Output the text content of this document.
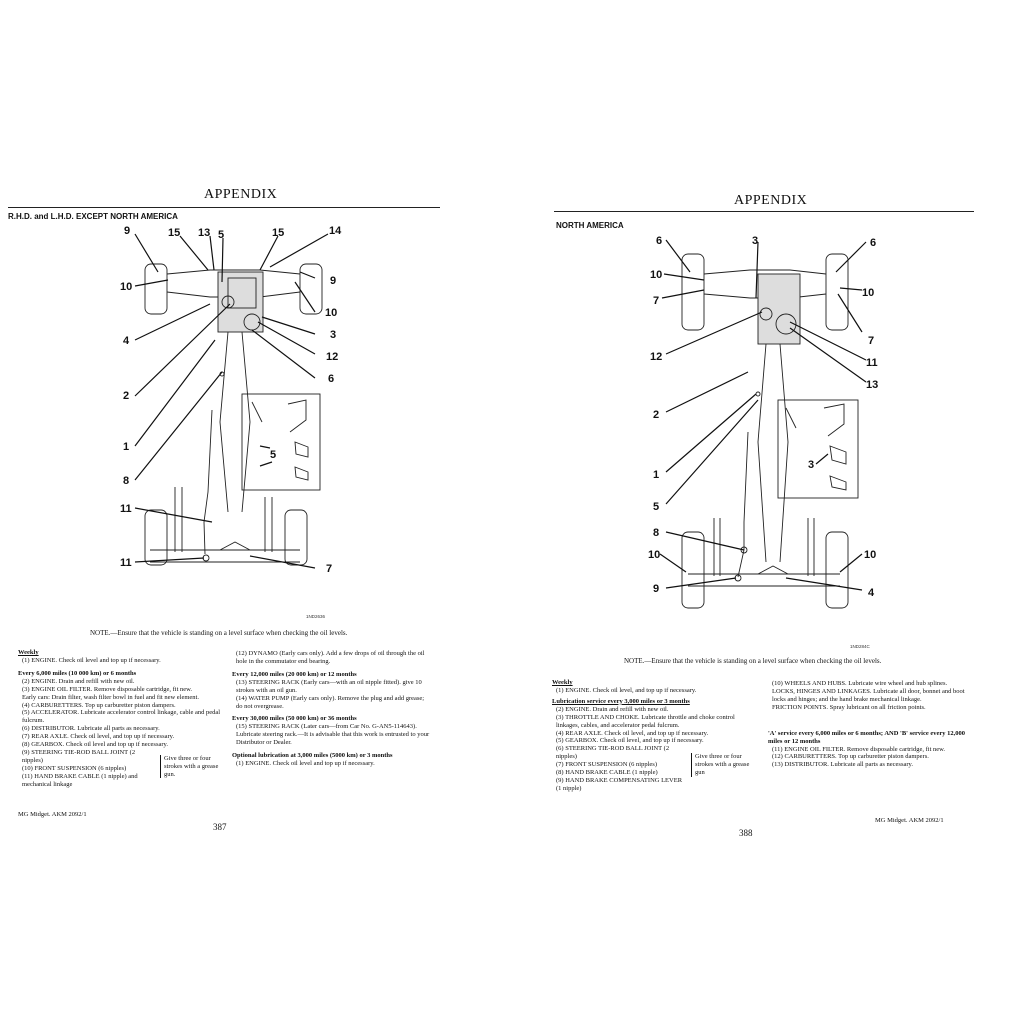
APPENDIX
R.H.D. and L.H.D. EXCEPT NORTH AMERICA
9	15 13 5	15	14
10	9
10
4	3
12
6
2
1
8
11
11	7
5
1ND2636
NOTE.—Ensure that the vehicle is standing on a level surface when checking the oil levels.

Weekly

(1) ENGINE. Check oil level and top up if necessary.

Every 6,000 miles (10 000 km) or 6 months

(2) ENGINE. Drain and refill with new oil.

(3) ENGINE OIL FILTER. Remove disposable cartridge, fit new.

Early cars: Drain filter, wash filter bowl in fuel and fit new element.

(4) CARBURETTERS. Top up carburetter piston dampers.

(5) ACCELERATOR. Lubricate accelerator control linkage, cable and pedal fulcrum.

(6) DISTRIBUTOR. Lubricate all parts as necessary.

(7) REAR AXLE. Check oil level, and top up if necessary.

(8) GEARBOX. Check oil level and top up if necessary.

(9) STEERING TIE-ROD BALL JOINT (2 nipples)

(10) FRONT SUSPENSION (6 nipples)

(11) HAND BRAKE CABLE (1 nipple) and mechanical linkage

Give three or four strokes with a grease gun.

(12) DYNAMO (Early cars only). Add a few drops of oil through the oil hole in the commutator end bearing.

Every 12,000 miles (20 000 km) or 12 months

(13) STEERING RACK (Early cars—with an oil nipple fitted). give 10 strokes with an oil gun.

(14) WATER PUMP (Early cars only). Remove the plug and add grease; do not overgrease.

Every 30,000 miles (50 000 km) or 36 months

(15) STEERING RACK (Later cars—from Car No. G-AN5-114643). Lubricate steering rack.—It is advisable that this work is entrusted to your Distributor or Dealer.

Optional lubrication at 3,000 miles (5000 km) or 3 months

(1) ENGINE. Check oil level and top up if necessary.

MG Midget. AKM 2092/1
387
APPENDIX
NORTH AMERICA
6	3	6
10
7
10
7
12	11
13
2
1
5
8
10	10
9	4
3
1ND284C
NOTE.—Ensure that the vehicle is standing on a level surface when checking the oil levels.

Weekly

(1) ENGINE. Check oil level, and top up if necessary.

Lubrication service every 3,000 miles or 3 months

(2) ENGINE. Drain and refill with new oil.

(3) THROTTLE AND CHOKE. Lubricate throttle and choke control linkages, cables, and accelerator pedal fulcrum.

(4) REAR AXLE. Check oil level, and top up if necessary.

(5) GEARBOX. Check oil level, and top up if necessary.

(6) STEERING TIE-ROD BALL JOINT (2 nipples)

(7) FRONT SUSPENSION (6 nipples)

(8) HAND BRAKE CABLE (1 nipple)

(9) HAND BRAKE COMPENSATING LEVER (1 nipple)

Give three or four strokes with a grease gun

(10) WHEELS AND HUBS. Lubricate wire wheel and hub splines.

LOCKS, HINGES AND LINKAGES. Lubricate all door, bonnet and boot locks and hinges; and the hand brake mechanical linkage.

FRICTION POINTS. Spray lubricant on all friction points.

'A' service every 6,000 miles or 6 months; AND 'B' service every 12,000 miles or 12 months

(11) ENGINE OIL FILTER. Remove disposable cartridge, fit new.

(12) CARBURETTERS. Top up carburetter piston dampers.

(13) DISTRIBUTOR. Lubricate all parts as necessary.

MG Midget. AKM 2092/1
388
